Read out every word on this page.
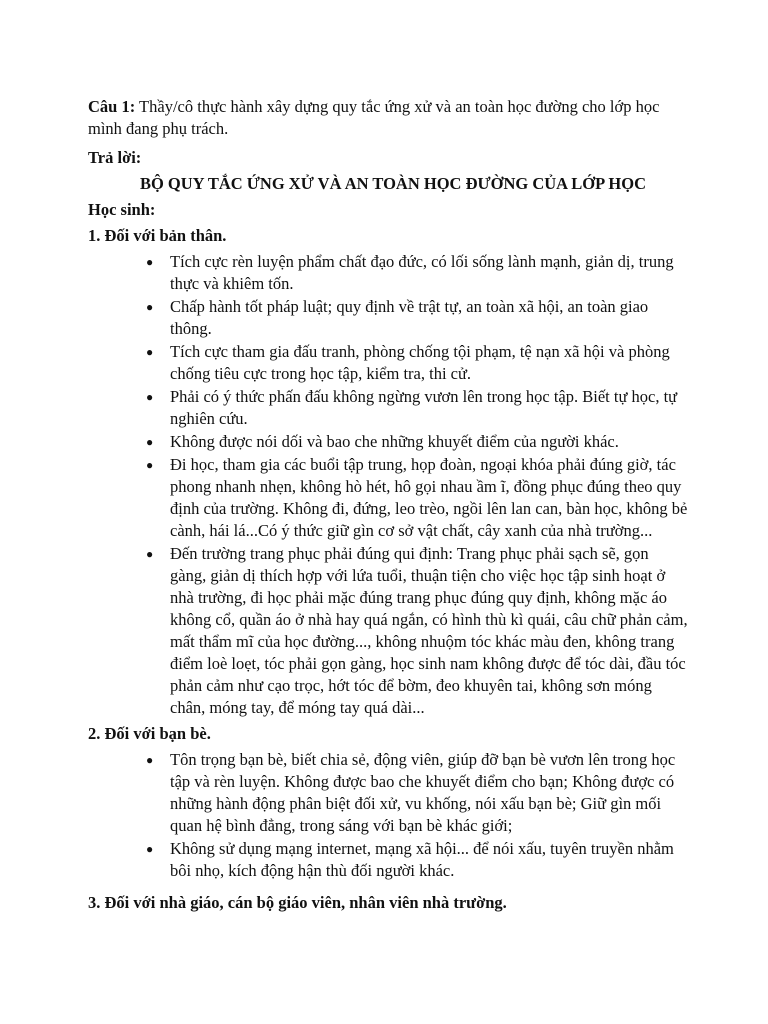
Câu 1: Thầy/cô thực hành xây dựng quy tắc ứng xử và an toàn học đường cho lớp học mình đang phụ trách.

Trả lời:
BỘ QUY TẮC ỨNG XỬ VÀ AN TOÀN HỌC ĐƯỜNG CỦA LỚP HỌC
Học sinh:
1. Đối với bản thân.
● Tích cực rèn luyện phẩm chất đạo đức, có lối sống lành mạnh, giản dị, trung thực và khiêm tốn.
● Chấp hành tốt pháp luật; quy định về trật tự, an toàn xã hội, an toàn giao thông.
● Tích cực tham gia đấu tranh, phòng chống tội phạm, tệ nạn xã hội và phòng chống tiêu cực trong học tập, kiểm tra, thi cử.
● Phải có ý thức phấn đấu không ngừng vươn lên trong học tập. Biết tự học, tự nghiên cứu.
● Không được nói dối và bao che những khuyết điểm của người khác.
● Đi học, tham gia các buổi tập trung, họp đoàn, ngoại khóa phải đúng giờ, tác phong nhanh nhẹn, không hò hét, hô gọi nhau ầm ĩ, đồng phục đúng theo quy định của trường. Không đi, đứng, leo trèo, ngồi lên lan can, bàn học, không bẻ cành, hái lá...Có ý thức giữ gìn cơ sở vật chất, cây xanh của nhà trường...
● Đến trường trang phục phải đúng qui định: Trang phục phải sạch sẽ, gọn gàng, giản dị thích hợp với lứa tuổi, thuận tiện cho việc học tập sinh hoạt ở nhà trường, đi học phải mặc đúng trang phục đúng quy định, không mặc áo không cổ, quần áo ở nhà hay quá ngắn, có hình thù kì quái, câu chữ phản cảm, mất thẩm mĩ của học đường..., không nhuộm tóc khác màu đen, không trang điểm loè loẹt, tóc phải gọn gàng, học sinh nam không được để tóc dài, đầu tóc phản cảm như cạo trọc, hớt tóc để bờm, đeo khuyên tai, không sơn móng chân, móng tay, để móng tay quá dài...
2. Đối với bạn bè.
● Tôn trọng bạn bè, biết chia sẻ, động viên, giúp đỡ bạn bè vươn lên trong học tập và rèn luyện. Không được bao che khuyết điểm cho bạn; Không được có những hành động phân biệt đối xử, vu khống, nói xấu bạn bè; Giữ gìn mối quan hệ bình đẳng, trong sáng với bạn bè khác giới;
● Không sử dụng mạng internet, mạng xã hội... để nói xấu, tuyên truyền nhằm bôi nhọ, kích động hận thù đối người khác.
3. Đối với nhà giáo, cán bộ giáo viên, nhân viên nhà trường.
